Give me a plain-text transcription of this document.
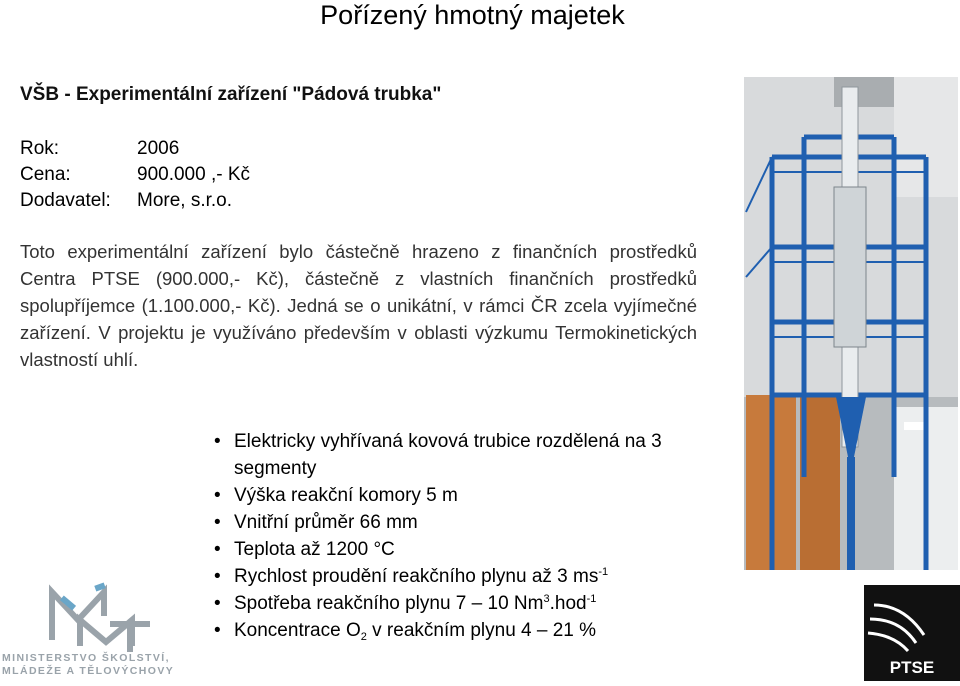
Pořízený hmotný majetek
VŠB - Experimentální zařízení "Pádová trubka"
Rok:	2006
Cena:	900.000 ,- Kč
Dodavatel:	More, s.r.o.
Toto experimentální zařízení bylo částečně hrazeno z finančních prostředků Centra PTSE (900.000,- Kč), částečně z vlastních finančních prostředků spolupříjemce (1.100.000,- Kč). Jedná se o unikátní, v rámci ČR zcela vyjímečné zařízení. V projektu je využíváno především v oblasti výzkumu Termokinetických vlastností uhlí.
• Elektricky vyhřívaná kovová trubice rozdělená na 3 segmenty
• Výška reakční komory 5 m
• Vnitřní průměr 66 mm
• Teplota až 1200 °C
• Rychlost proudění reakčního plynu až 3 $ms^{-1}$
• Spotřeba reakčního plynu 7 – 10 Nm$^3$.hod$^{-1}$
• Koncentrace $O_2$ v reakčním plynu 4 – 21 %
MINISTERSTVO ŠKOLSTVÍ,
MLÁDEŽE A TĚLOVÝCHOVY	PTSE
